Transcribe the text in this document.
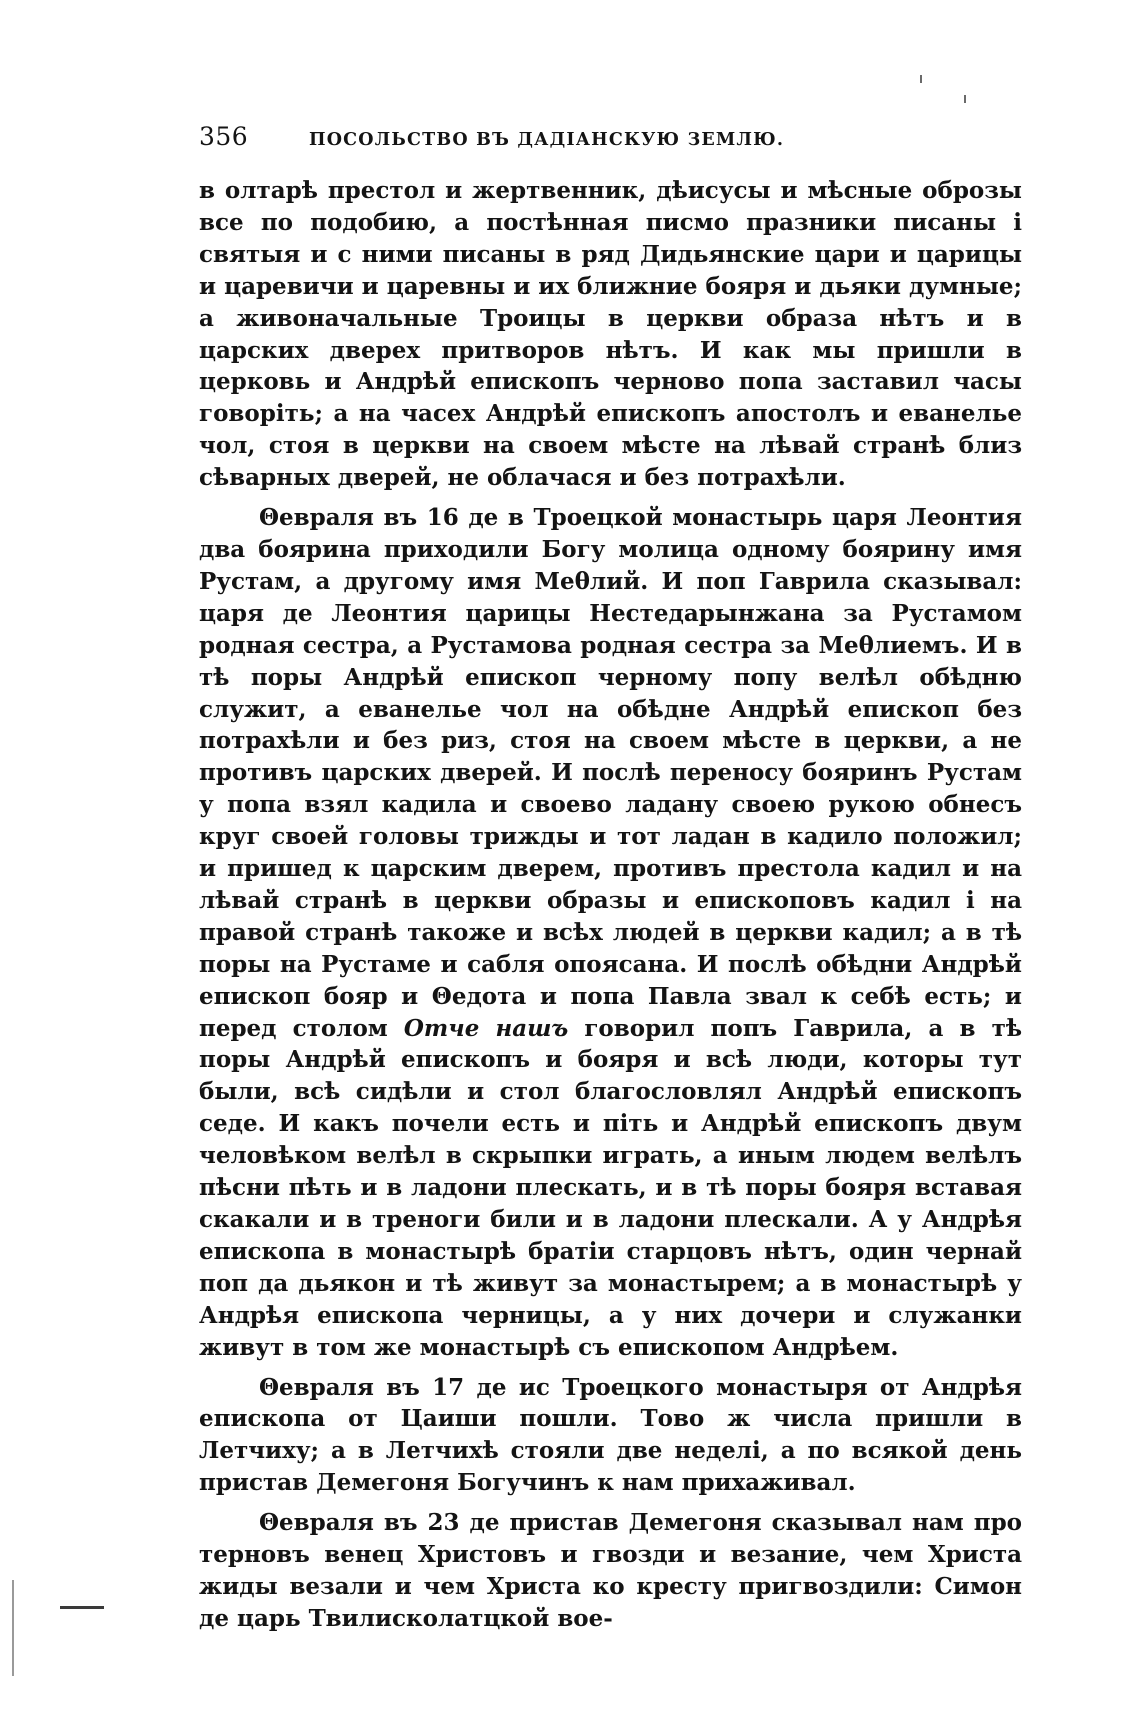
356	ПОСОЛЬСТВО ВЪ ДАДІАНСКУЮ ЗЕМЛЮ.

в олтарѣ престол и жертвенник, дѣисусы и мѣсные оброзы все по подобию, а постѣнная писмо празники писаны і святыя и с ними писаны в ряд Дидьянские цари и царицы и царевичи и царевны и их ближние бояря и дьяки думные; а живоначальные Троицы в церкви образа нѣтъ и в царских дверех притворов нѣтъ. И как мы пришли в церковь и Андрѣй епископъ черново попа заставил часы говоріть; а на часех Андрѣй епископъ апостолъ и еванелье чол, стоя в церкви на своем мѣсте на лѣвай странѣ близ сѣварных дверей, не облачася и без потрахѣли.

Θевраля въ 16 де в Троецкой монастырь царя Леонтия два боярина приходили Богу молица одному боярину имя Рустам, а другому имя Меθлий. И поп Гаврила сказывал: царя де Леонтия царицы Нестедарынжана за Рустамом родная сестра, а Рустамова родная сестра за Меθлиемъ. И в тѣ поры Андрѣй епископ черному попу велѣл обѣдню служит, а еванелье чол на обѣдне Андрѣй епископ без потрахѣли и без риз, стоя на своем мѣсте в церкви, а не противъ царских дверей. И послѣ переносу бояринъ Рустам у попа взял кадила и своево ладану своею рукою обнесъ круг своей головы трижды и тот ладан в кадило положил; и пришед к царским дверем, противъ престола кадил и на лѣвай странѣ в церкви образы и епископовъ кадил і на правой странѣ такоже и всѣх людей в церкви кадил; а в тѣ поры на Рустаме и сабля опоясана. И послѣ обѣдни Андрѣй епископ бояр и Θедота и попа Павла звал к себѣ есть; и перед столом Отче нашъ говорил попъ Гаврила, а в тѣ поры Андрѣй епископъ и бояря и всѣ люди, которы тут были, всѣ сидѣли и стол благословлял Андрѣй епископъ седе. И какъ почели есть и піть и Андрѣй епископъ двум человѣком велѣл в скрыпки играть, а иным людем велѣлъ пѣсни пѣть и в ладони плескать, и в тѣ поры бояря вставая скакали и в треноги били и в ладони плескали. А у Андрѣя епископа в монастырѣ братіи старцовъ нѣтъ, один чернай поп да дьякон и тѣ живут за монастырем; а в монастырѣ у Андрѣя епископа черницы, а у них дочери и служанки живут в том же монастырѣ съ епископом Андрѣем.

Θевраля въ 17 де ис Троецкого монастыря от Андрѣя епископа от Цаиши пошли. Тово ж числа пришли в Летчиху; а в Летчихѣ стояли две неделі, а по всякой день пристав Демегоня Богучинъ к нам прихаживал.

Θевраля въ 23 де пристав Демегоня сказывал нам про терновъ венец Христовъ и гвозди и везание, чем Христа жиды везали и чем Христа ко кресту пригвоздили: Симон де царь Твилисколатцкой вое-
